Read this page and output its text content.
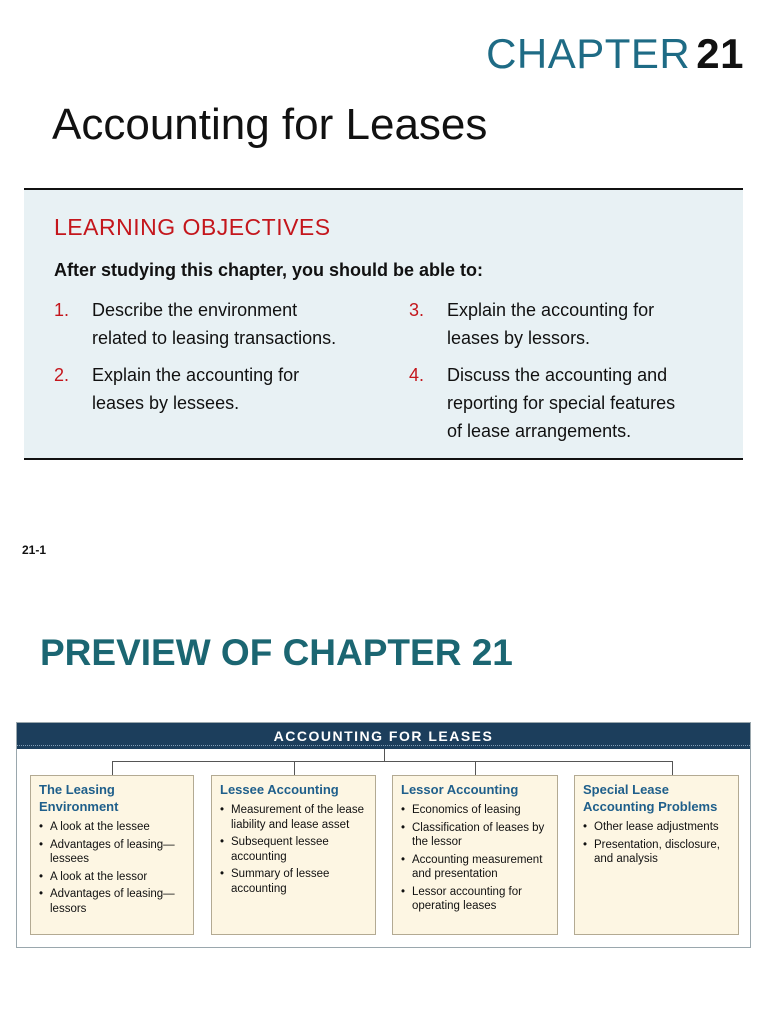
CHAPTER 21
Accounting for Leases
LEARNING OBJECTIVES
After studying this chapter, you should be able to:
1.	Describe the environment
related to leasing transactions.
2.	Explain the accounting for
leases by lessees.
3.	Explain the accounting for
leases by lessors.
4.	Discuss the accounting and
reporting for special features
of lease arrangements.
21-1
PREVIEW OF CHAPTER 21
ACCOUNTING FOR LEASES
The Leasing
Environment
• A look at the lessee
• Advantages of leasing—lessees
• A look at the lessor
• Advantages of leasing—lessors
Lessee Accounting
• Measurement of the lease liability and lease asset
• Subsequent lessee accounting
• Summary of lessee accounting
Lessor Accounting
• Economics of leasing
• Classification of leases by the lessor
• Accounting measurement and presentation
• Lessor accounting for operating leases
Special Lease
Accounting Problems
• Other lease adjustments
• Presentation, disclosure, and analysis
